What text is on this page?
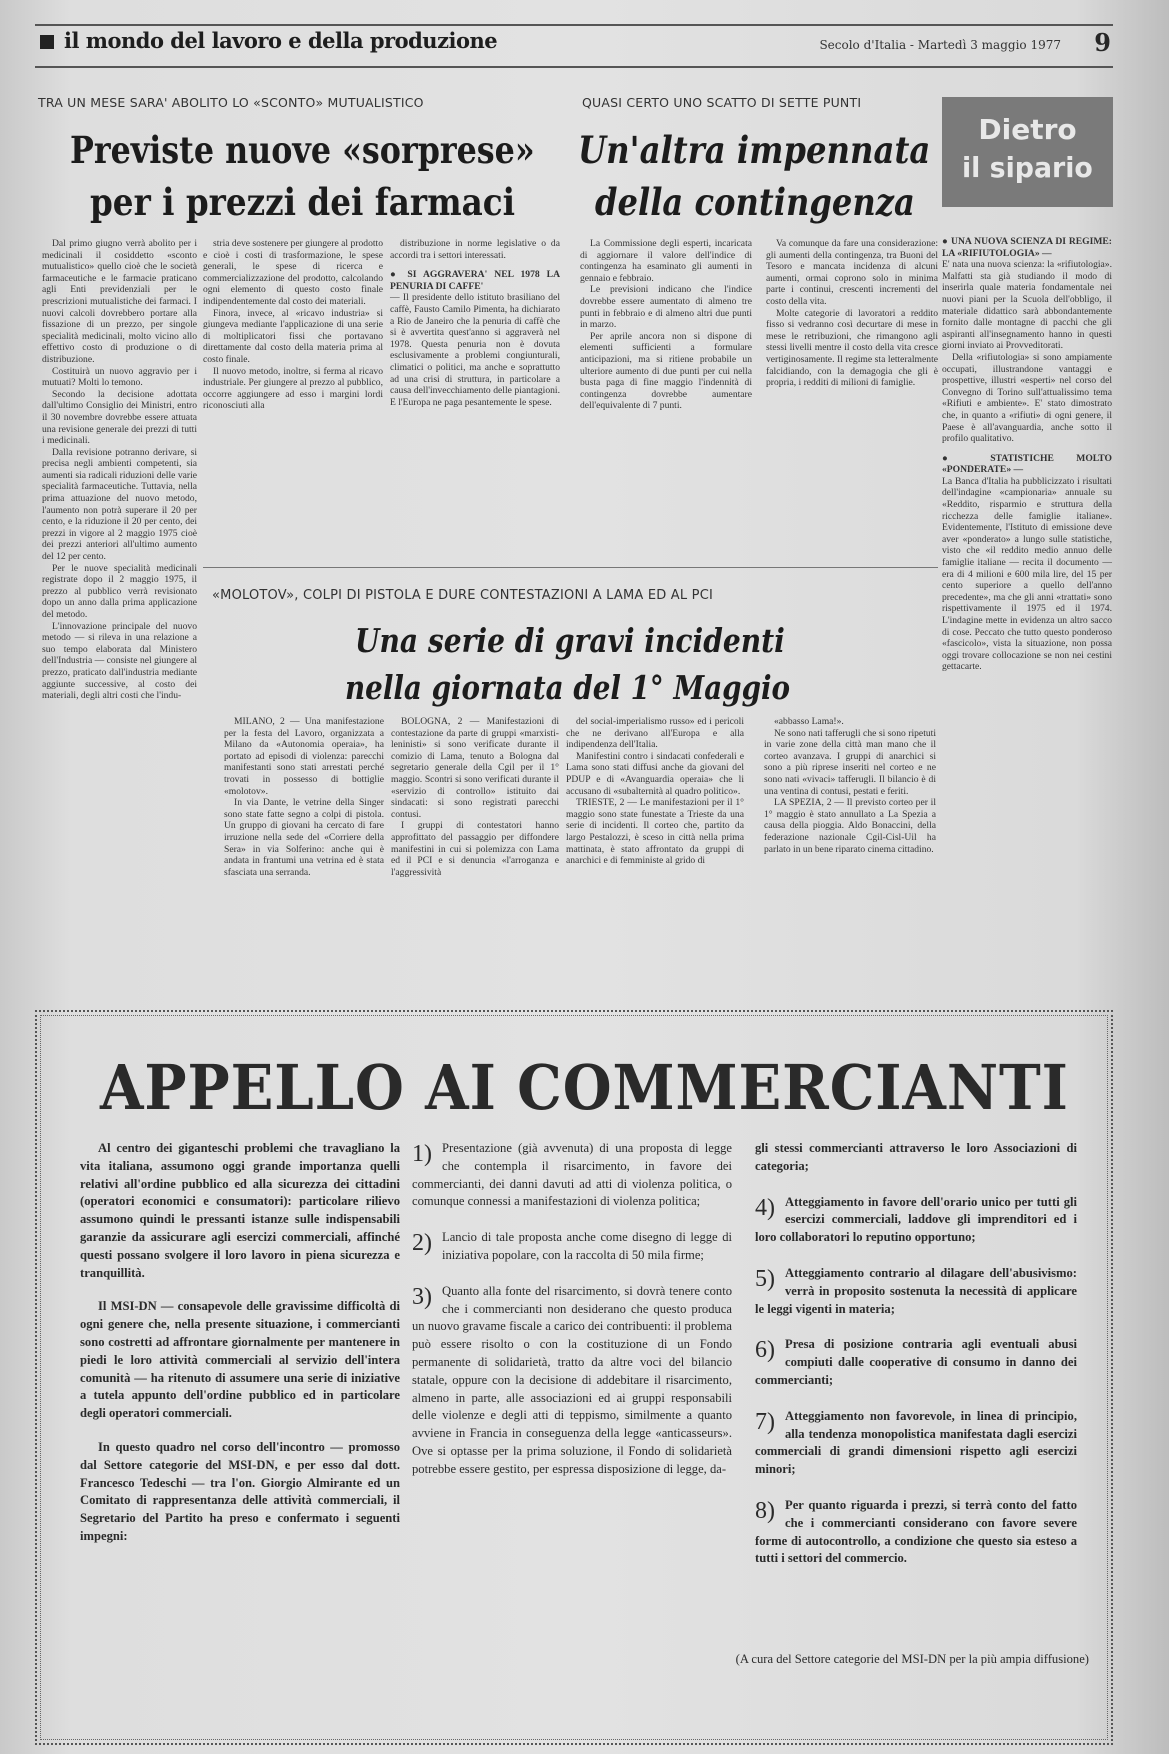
il mondo del lavoro e della produzione	Secolo d'Italia - Martedì 3 maggio 1977 9
TRA UN MESE SARA' ABOLITO LO «SCONTO» MUTUALISTICO
Previste nuove «sorprese»
per i prezzi dei farmaci

Dal primo giugno verrà abolito per i medicinali il cosiddetto «sconto mutualistico» quello cioè che le società farmaceutiche e le farmacie praticano agli Enti previdenziali per le prescrizioni mutualistiche dei farmaci. I nuovi calcoli dovrebbero portare alla fissazione di un prezzo, per singole specialità medicinali, molto vicino allo effettivo costo di produzione o di distribuzione.

Costituirà un nuovo aggravio per i mutuati? Molti lo temono.

Secondo la decisione adottata dall'ultimo Consiglio dei Ministri, entro il 30 novembre dovrebbe essere attuata una revisione generale dei prezzi di tutti i medicinali.

Dalla revisione potranno derivare, si precisa negli ambienti competenti, sia aumenti sia radicali riduzioni delle varie specialità farmaceutiche. Tuttavia, nella prima attuazione del nuovo metodo, l'aumento non potrà superare il 20 per cento, e la riduzione il 20 per cento, dei prezzi in vigore al 2 maggio 1975 cioè dei prezzi anteriori all'ultimo aumento del 12 per cento.

Per le nuove specialità medicinali registrate dopo il 2 maggio 1975, il prezzo al pubblico verrà revisionato dopo un anno dalla prima applicazione del metodo.

L'innovazione principale del nuovo metodo — si rileva in una relazione a suo tempo elaborata dal Ministero dell'Industria — consiste nel giungere al prezzo, praticato dall'industria mediante aggiunte successive, al costo dei materiali, degli altri costi che l'indu-

stria deve sostenere per giungere al prodotto e cioè i costi di trasformazione, le spese generali, le spese di ricerca e commercializzazione del prodotto, calcolando ogni elemento di questo costo finale indipendentemente dal costo dei materiali.

Finora, invece, al «ricavo industria» si giungeva mediante l'applicazione di una serie di moltiplicatori fissi che portavano direttamente dal costo della materia prima al costo finale.

Il nuovo metodo, inoltre, si ferma al ricavo industriale. Per giungere al prezzo al pubblico, occorre aggiungere ad esso i margini lordi riconosciuti alla

distribuzione in norme legislative o da accordi tra i settori interessati.

● SI AGGRAVERA' NEL 1978 LA PENURIA DI CAFFE'

— Il presidente dello istituto brasiliano del caffè, Fausto Camilo Pimenta, ha dichiarato a Rio de Janeiro che la penuria di caffè che si è avvertita quest'anno si aggraverà nel 1978. Questa penuria non è dovuta esclusivamente a problemi congiunturali, climatici o politici, ma anche e soprattutto ad una crisi di struttura, in particolare a causa dell'invecchiamento delle piantagioni. E l'Europa ne paga pesantemente le spese.

QUASI CERTO UNO SCATTO DI SETTE PUNTI
Un'altra impennata
della contingenza

La Commissione degli esperti, incaricata di aggiornare il valore dell'indice di contingenza ha esaminato gli aumenti in gennaio e febbraio.

Le previsioni indicano che l'indice dovrebbe essere aumentato di almeno tre punti in febbraio e di almeno altri due punti in marzo.

Per aprile ancora non si dispone di elementi sufficienti a formulare anticipazioni, ma si ritiene probabile un ulteriore aumento di due punti per cui nella busta paga di fine maggio l'indennità di contingenza dovrebbe aumentare dell'equivalente di 7 punti.

Va comunque da fare una considerazione: gli aumenti della contingenza, tra Buoni del Tesoro e mancata incidenza di alcuni aumenti, ormai coprono solo in minima parte i continui, crescenti incrementi del costo della vita.

Molte categorie di lavoratori a reddito fisso si vedranno così decurtare di mese in mese le retribuzioni, che rimangono agli stessi livelli mentre il costo della vita cresce vertiginosamente. Il regime sta letteralmente falcidiando, con la demagogia che gli è propria, i redditi di milioni di famiglie.

Dietro
il sipario

● UNA NUOVA SCIENZA DI REGIME: LA «RIFIUTOLOGIA» —

E' nata una nuova scienza: la «rifiutologia». Malfatti sta già studiando il modo di inserirla quale materia fondamentale nei nuovi piani per la Scuola dell'obbligo, il materiale didattico sarà abbondantemente fornito dalle montagne di pacchi che gli aspiranti all'insegnamento hanno in questi giorni inviato ai Provveditorati.

Della «rifiutologia» si sono ampiamente occupati, illustrandone vantaggi e prospettive, illustri «esperti» nel corso del Convegno di Torino sull'attualissimo tema «Rifiuti e ambiente». E' stato dimostrato che, in quanto a «rifiuti» di ogni genere, il Paese è all'avanguardia, anche sotto il profilo qualitativo.

● STATISTICHE MOLTO «PONDERATE» —

La Banca d'Italia ha pubblicizzato i risultati dell'indagine «campionaria» annuale su «Reddito, risparmio e struttura della ricchezza delle famiglie italiane». Evidentemente, l'Istituto di emissione deve aver «ponderato» a lungo sulle statistiche, visto che «il reddito medio annuo delle famiglie italiane — recita il documento — era di 4 milioni e 600 mila lire, del 15 per cento superiore a quello dell'anno precedente», ma che gli anni «trattati» sono rispettivamente il 1975 ed il 1974. L'indagine mette in evidenza un altro sacco di cose. Peccato che tutto questo ponderoso «fascicolo», vista la situazione, non possa oggi trovare collocazione se non nei cestini gettacarte.

«MOLOTOV», COLPI DI PISTOLA E DURE CONTESTAZIONI A LAMA ED AL PCI
Una serie di gravi incidenti
nella giornata del 1° Maggio

MILANO, 2 — Una manifestazione per la festa del Lavoro, organizzata a Milano da «Autonomia operaia», ha portato ad episodi di violenza: parecchi manifestanti sono stati arrestati perché trovati in possesso di bottiglie «molotov».

In via Dante, le vetrine della Singer sono state fatte segno a colpi di pistola. Un gruppo di giovani ha cercato di fare irruzione nella sede del «Corriere della Sera» in via Solferino: anche qui è andata in frantumi una vetrina ed è stata sfasciata una serranda.

BOLOGNA, 2 — Manifestazioni di contestazione da parte di gruppi «marxisti-leninisti» si sono verificate durante il comizio di Lama, tenuto a Bologna dal segretario generale della Cgil per il 1° maggio. Scontri si sono verificati durante il «servizio di controllo» istituito dai sindacati: si sono registrati parecchi contusi.

I gruppi di contestatori hanno approfittato del passaggio per diffondere manifestini in cui si polemizza con Lama ed il PCI e si denuncia «l'arroganza e l'aggressività

del social-imperialismo russo» ed i pericoli che ne derivano all'Europa e alla indipendenza dell'Italia.

Manifestini contro i sindacati confederali e Lama sono stati diffusi anche da giovani del PDUP e di «Avanguardia operaia» che li accusano di «subalternità al quadro politico».

TRIESTE, 2 — Le manifestazioni per il 1° maggio sono state funestate a Trieste da una serie di incidenti. Il corteo che, partito da largo Pestalozzi, è sceso in città nella prima mattinata, è stato affrontato da gruppi di anarchici e di femministe al grido di

«abbasso Lama!».

Ne sono nati tafferugli che si sono ripetuti in varie zone della città man mano che il corteo avanzava. I gruppi di anarchici si sono a più riprese inseriti nel corteo e ne sono nati «vivaci» tafferugli. Il bilancio è di una ventina di contusi, pestati e feriti.

LA SPEZIA, 2 — Il previsto corteo per il 1° maggio è stato annullato a La Spezia a causa della pioggia. Aldo Bonaccini, della federazione nazionale Cgil-Cisl-Uil ha parlato in un bene riparato cinema cittadino.

APPELLO AI COMMERCIANTI

Al centro dei giganteschi problemi che travagliano la vita italiana, assumono oggi grande importanza quelli relativi all'ordine pubblico ed alla sicurezza dei cittadini (operatori economici e consumatori): particolare rilievo assumono quindi le pressanti istanze sulle indispensabili garanzie da assicurare agli esercizi commerciali, affinché questi possano svolgere il loro lavoro in piena sicurezza e tranquillità.

Il MSI-DN — consapevole delle gravissime difficoltà di ogni genere che, nella presente situazione, i commercianti sono costretti ad affrontare giornalmente per mantenere in piedi le loro attività commerciali al servizio dell'intera comunità — ha ritenuto di assumere una serie di iniziative a tutela appunto dell'ordine pubblico ed in particolare degli operatori commerciali.

In questo quadro nel corso dell'incontro — promosso dal Settore categorie del MSI-DN, e per esso dal dott. Francesco Tedeschi — tra l'on. Giorgio Almirante ed un Comitato di rappresentanza delle attività commerciali, il Segretario del Partito ha preso e confermato i seguenti impegni:

1) Presentazione (già avvenuta) di una proposta di legge che contempla il risarcimento, in favore dei commercianti, dei danni davuti ad atti di violenza politica, o comunque connessi a manifestazioni di violenza politica;
2) Lancio di tale proposta anche come disegno di legge di iniziativa popolare, con la raccolta di 50 mila firme;
3) Quanto alla fonte del risarcimento, si dovrà tenere conto che i commercianti non desiderano che questo produca un nuovo gravame fiscale a carico dei contribuenti: il problema può essere risolto o con la costituzione di un Fondo permanente di solidarietà, tratto da altre voci del bilancio statale, oppure con la decisione di addebitare il risarcimento, almeno in parte, alle associazioni ed ai gruppi responsabili delle violenze e degli atti di teppismo, similmente a quanto avviene in Francia in conseguenza della legge «anticasseurs». Ove si optasse per la prima soluzione, il Fondo di solidarietà potrebbe essere gestito, per espressa disposizione di legge, da-
gli stessi commercianti attraverso le loro Associazioni di categoria;
4) Atteggiamento in favore dell'orario unico per tutti gli esercizi commerciali, laddove gli imprenditori ed i loro collaboratori lo reputino opportuno;
5) Atteggiamento contrario al dilagare dell'abusivismo: verrà in proposito sostenuta la necessità di applicare le leggi vigenti in materia;
6) Presa di posizione contraria agli eventuali abusi compiuti dalle cooperative di consumo in danno dei commercianti;
7) Atteggiamento non favorevole, in linea di principio, alla tendenza monopolistica manifestata dagli esercizi commerciali di grandi dimensioni rispetto agli esercizi minori;
8) Per quanto riguarda i prezzi, si terrà conto del fatto che i commercianti considerano con favore severe forme di autocontrollo, a condizione che questo sia esteso a tutti i settori del commercio.
(A cura del Settore categorie del MSI-DN per la più ampia diffusione)
